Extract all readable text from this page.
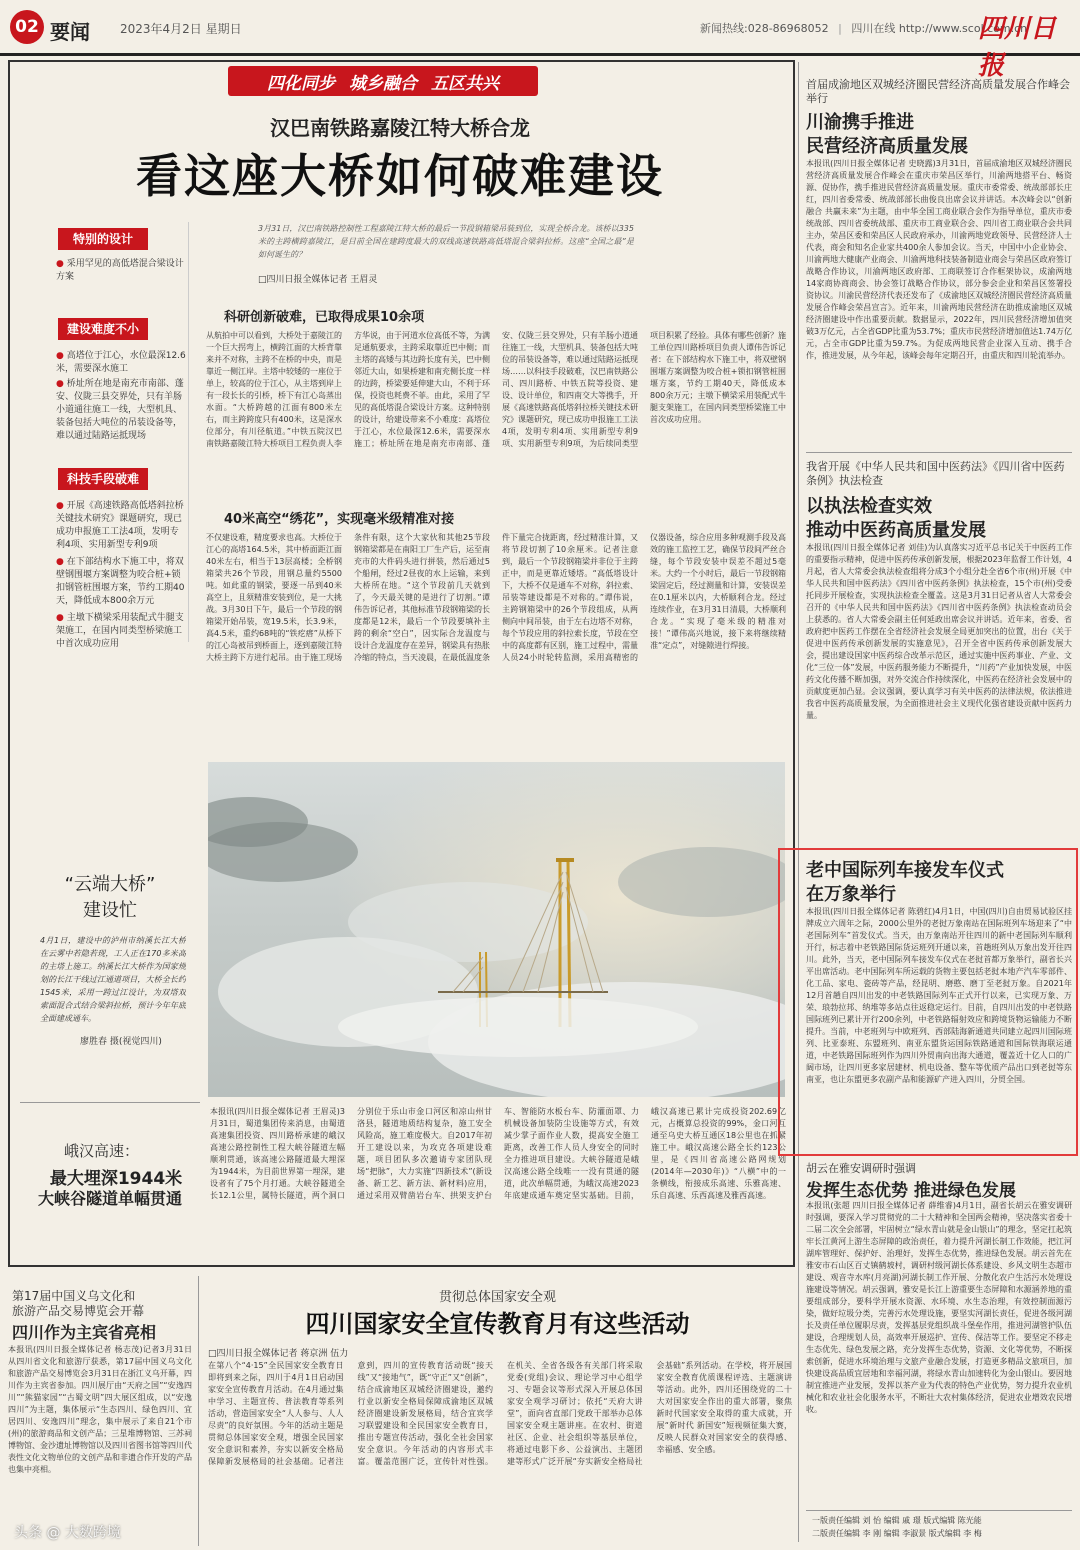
02 要闻	2023年4月2日 星期日	新闻热线:028-86968052 | 四川在线 http://www.scol.com.cn
四川日报
四化同步 城乡融合 五区共兴
汉巴南铁路嘉陵江特大桥合龙
看这座大桥如何破难建设
3月31日，汉巴南铁路控制性工程嘉陵江特大桥的最后一节段钢箱梁吊装到位，实现全桥合龙。该桥以335米的主跨横跨嘉陵江，是目前全国在建跨度最大的双线高速铁路高低塔混合梁斜拉桥。这座“全国之最”是如何诞生的？
□四川日报全媒体记者 王眉灵
特别的设计
● 采用罕见的高低塔混合梁设计方案
建设难度不小
● 高塔位于江心，水位最深12.6米，需要深水施工
● 桥址所在地是南充市南部、蓬安、仪陇三县交界处，只有羊肠小道通往施工一线，大型机具、装备包括大吨位的吊装设备等，难以通过陆路运抵现场
科技手段破难
● 开展《高速铁路高低塔斜拉桥关键技术研究》课题研究，现已成功申报施工工法4项，发明专利4项、实用新型专利9项
● 在下部结构水下施工中，将双壁钢围堰方案调整为咬合桩+锁扣钢管桩围堰方案，节约工期40天，降低成本800余万元
● 主墩下横梁采用装配式牛腿支架施工，在国内同类型桥梁施工中首次成功应用
科研创新破难，已取得成果10余项
从航拍中可以看到，大桥处于嘉陵江的一个巨大拐弯上，横跨江面的大桥背靠来并不对称，主跨不在桥的中央，而是靠近一侧江岸。主塔中较矮的一座位于单上，较高的位于江心，从主塔到岸上有一段长长的引桥，桥下有江心岛蒸出水面。“大桥跨越的江面有800米左右，而主跨跨度只有400米，这是深水位部分，有川径航道。”中铁五院汉巴南铁路嘉陵江特大桥项目工程负责人李方华说，由于河道水位高低不等，为满足通航要求，主跨采取靠近巴中侧；而主塔的高矮与其边跨长度有关，巴中侧邻近大山，如果桥建和南充侧长度一样的边跨，桥梁要延伸建大山，不利于环保，投资也耗费不菲。由此，采用了罕见的高低塔混合梁设计方案。这种特别的设计，给建设带来不小难度：高塔位于江心，水位最深12.6米，需要深水施工；桥址所在地是南充市南部、蓬安、仪陇三县交界处，只有羊肠小道通往施工一线，大型机具、装备包括大吨位的吊装设备等，难以通过陆路运抵现场……以科技手段破难，汉巴南铁路公司、四川路桥、中铁五院等投资、建设、设计单位，和四南交大等携手，开展《高速铁路高低塔斜拉桥关键技术研究》课题研究，现已成功申报施工工法4项，发明专利4项、实用新型专利9项、实用新型专利9项，为后续同类型项目积累了经验。具体有哪些创新？施工单位四川路桥项目负责人谭伟告诉记者：在下部结构水下施工中，将双壁钢围堰方案调整为咬合桩+锁扣钢管桩围堰方案，节约工期40天，降低成本800余万元；主墩下横梁采用装配式牛腿支架施工，在国内同类型桥梁施工中首次成功应用。
40米高空“绣花”，实现毫米级精准对接
不仅建设难，精度要求也高。大桥位于江心的高塔164.5米，其中桥面距江面40米左右，相当于13层高楼；全桥钢箱梁共26个节段，用钢总量约5500吨。如此重的钢梁，要逐一吊到40米高空上，且须精准安装到位，是一大挑战。3月30日下午，最后一个节段的钢箱梁开始吊装，宽19.5米，长3.9米，高4.5米，重约68吨的“铁疙瘩”从桥下的江心岛被吊到桥面上，逐到嘉陵江特大桥主跨下方进行起吊。由于施工现场条件有限，这个大家伙和其他25节段钢箱梁都是在南阳工厂生产后，运至南充市的大件码头进行拼装，然后通过5个船闸，经过2昼夜的水上运输，来到大桥所在地。“这个节段前几天就到了，今天最关键的是进行了切割。”谭伟告诉记者，其他标准节段钢箱梁的长度都是12米，最后一个节段要填补主跨的剩余“空白”，因实际合龙温度与设计合龙温度存在差异，钢梁具有热胀冷缩的特点，当天凌晨，在最低温度条件下量完合拢距离，经过精准计算，又将节段切割了10余厘米。记者注意到，最后一个节段钢箱梁并非位于主跨正中，而是更靠近矮塔。“高低塔设计下，大桥不仅是通车不对称，斜拉索、吊装等建设都是不对称的。”谭伟说，主跨钢箱梁中的26个节段组成，从两侧向中间吊装，由于左右边塔不对称，每个节段应用的斜拉索长度，节段在空中的高度都有区别，施工过程中，需量人员24小时轮转监测，采用高精密的仪器设备，综合应用多种观测手段及高效的施工监控工艺，确保节段间严丝合缝，每个节段安装中误差不超过5毫米。大约一个小时后，最后一节段钢箱梁固定后，经过测量和计算，安装误差在0.1厘米以内，大桥顺利合龙。经过连续作业，在3月31日清晨，大桥顺利合龙。“实现了毫米级的精准对接！”谭伟高兴地说，接下来将继续精准“定点”，对缝隙进行焊接。
“云端大桥”
建设忙
4月1日，建设中的泸州市纳溪长江大桥在云雾中若隐若现，工人正在170多米高的主塔上施工。纳溪长江大桥作为国家规划的长江干线过江通道项目，大桥全长约1545米，采用一跨过江设计，为双塔双索面混合式结合梁斜拉桥，预计今年年底全面建成通车。
廖胜春 摄(视觉四川)
峨汉高速：
最大埋深1944米
大峡谷隧道单幅贯通
本报讯(四川日报全媒体记者 王眉灵)3月31日，蜀道集团传来消息，由蜀道高速集团投资、四川路桥承建的峨汉高速公路控制性工程大峡谷隧道左幅顺利贯通，该高速公路隧道最大埋深为1944米，为目前世界第一埋深，建设者有了75个月打通。大峡谷隧道全长12.1公里，属特长隧道，两个洞口分别位于乐山市金口河区和凉山州甘洛县，隧道地质结构复杂，施工安全风险高，施工难度极大。自2017年初开工建设以来，为攻克各项建设难题，项目团队多次邀请专家团队现场“把脉”，大力实施“四新技术”(新设备、新工艺、新方法、新材料)应用，通过采用双臂凿岩台车、拱架支护台车、智能防水板台车、防灌面罩、力机械设备加装防尘设施等方式，有效减少掌子面作业人数，提高安全施工距离，改善工作人员人身安全的同时全力推进项目建设。大峡谷隧道是峨汉高速公路全线唯一一没有贯通的隧道，此次单幅贯通，为峨汉高速2023年底建成通车奠定坚实基础。目前，峨汉高速已累计完成投资202.69亿元，占概算总投资的99%，金口河互通至乌史大桥互通区18公里也在抓紧施工中。峨汉高速公路全长约123公里，是《四川省高速公路网规划(2014年—2030年)》“八横”中的一条横线，衔接成乐高速、乐雅高速、乐自高速、乐西高速及雅西高速。
第17届中国义乌文化和
旅游产品交易博览会开幕
四川作为主宾省亮相
本报讯(四川日报全媒体记者 杨志茂)记者3月31日从四川省文化和旅游厅获悉，第17届中国义乌文化和旅游产品交易博览会3月31日在浙江义乌开幕，四川作为主宾省参加。四川展厅由“天府之国”“安逸四川”“熊猫家园”“古蜀文明”四大展区组成，以“安逸四川”为主题，集体展示“生态四川、绿色四川、宜居四川、安逸四川”理念，集中展示了来自21个市(州)的旅游商品和文创产品；三星堆博物馆、三苏祠博物馆、金沙遗址博物馆以及四川省图书馆等四川代表性文化文物单位的文创产品和非遗合作开发的产品也集中亮相。
贯彻总体国家安全观
四川国家安全宣传教育月有这些活动
□四川日报全媒体记者 蒋京洲 伍力
在第八个“4·15”全民国家安全教育日即将到来之际，四川于4月1日启动国家安全宣传教育月活动。在4月通过集中学习、主题宣传、普法教育等系列活动，营造国家安全“人人参与、人人尽责”的良好氛围。今年的活动主题是贯彻总体国家安全观，增强全民国家安全意识和素养，夯实以新安全格局保障新发展格局的社会基础。记者注意到，四川的宣传教育活动既“接天线”又“接地气”，既“守正”又“创新”，结合成渝地区双城经济圈建设，邀约行业以新安全格局保障成渝地区双城经济圈建设新发展格局，结合宜宾学习联盟建设和全民国家安全教育日，推出专题宣传活动，强化全社会国家安全意识。今年活动的内容形式丰富。覆盖范围广泛，宣传针对性强。在机关、全省各级各有关部门将采取党委(党组)会议、理论学习中心组学习、专题会议等形式深入开展总体国家安全观学习研讨；依托“天府大讲堂”，面向省直部门党政干部举办总体国家安全观主题讲座。在农村、街道社区、企业、社会组织等基层单位，将通过电影下乡、公益演出、主题团建等形式广泛开展“夯实新安全格局社会基础”系列活动。在学校，将开展国家安全教育优质课程评选、主题演讲等活动。此外，四川还围绕党的二十大对国家安全作出的重大部署，聚焦新时代国家安全取得的重大成就，开展“新时代 新国安”短视频征集大赛，反映人民群众对国家安全的获得感、幸福感、安全感。
首届成渝地区双城经济圈民营经济高质量发展合作峰会举行
川渝携手推进
民营经济高质量发展
本报讯(四川日报全媒体记者 史晓露)3月31日，首届成渝地区双城经济圈民营经济高质量发展合作峰会在重庆市荣昌区举行，川渝两地搭平台、畅资源、促协作，携手推进民营经济高质量发展。重庆市委常委、统战部部长庄红，四川省委常委、统战部部长曲俊良出席会议并讲话。本次峰会以“创新融合 共赢未来”为主题，由中华全国工商业联合会作为指导单位，重庆市委统战部、四川省委统战部、重庆市工商业联合会、四川省工商业联合会共同主办，荣昌区委和荣昌区人民政府承办，川渝两地党政领导、民营经济人士代表，商会和知名企业家共400余人参加会议。当天，中国中小企业协会、川渝两地大健康产业商会、川渝两地科技装备制造业商会与荣昌区政府签订战略合作协议，川渝两地区政府部、工商联签订合作框架协议，成渝两地14家商协商商会、协会签订战略合作协议，部分参会企业和荣昌区签署投资协议。川渝民营经济代表还发布了《成渝地区双城经济圈民营经济高质量发展合作峰会荣昌宣言》。近年来，川渝两地民营经济在助推成渝地区双城经济圈建设中作出重要贡献。数据显示，2022年，四川民营经济增加值突破3万亿元，占全省GDP比重为53.7%；重庆市民营经济增加值达1.74万亿元，占全市GDP比重为59.7%。为促成两地民营企业深入互动、携手合作，推进发展，从今年起，该峰会每年定期召开，由重庆和四川轮流举办。
我省开展《中华人民共和国中医药法》《四川省中医药条例》执法检查
以执法检查实效
推动中医药高质量发展
本报讯(四川日报全媒体记者 刘佳)为认真落实习近平总书记关于中医药工作的重要指示精神，促进中医药传承创新发展，根据2023年监督工作计划，4月起，省人大常委会执法检查组将分成3个小组分赴全省6个市(州)开展《中华人民共和国中医药法》《四川省中医药条例》执法检查，15个市(州)受委托同步开展检查，实现执法检查全覆盖。这是3月31日记者从省人大常委会召开的《中华人民共和国中医药法》《四川省中医药条例》执法检查动员会上获悉的。省人大常委会副主任何延政出席会议并讲话。近年来，省委、省政府把中医药工作摆在全省经济社会发展全局更加突出的位置，出台《关于促进中医药传承创新发展的实施意见》，召开全省中医药传承创新发展大会，提出建设国家中医药综合改革示范区，通过实施中医药事业、产业、文化“三位一体”发展，中医药服务能力不断提升，“川药”产业加快发展，中医药文化传播不断加强，对外交流合作持续深化，中医药在经济社会发展中的贡献度更加凸显。会议强调，要认真学习有关中医药的法律法规，依法推进我省中医药高质量发展，为全面推进社会主义现代化强省建设贡献中医药力量。
老中国际列车接发车仪式
在万象举行
本报讯(四川日报全媒体记者 陈碧红)4月1日，中国(四川)自由贸易试验区挂牌成立六周年之际，2000公里外的老挝万象南站在国际班列车场迎来了“中老国际列车”首发仪式。当天，由万象南站开往四川的新中老国际列车顺利开行，标志着中老铁路国际货运班列开通以来，首趟班列从万象出发开往四川。此外，当天，老中国际列车接发车仪式在老挝首都万象举行，副省长兴平出席活动。老中国际列车所运载的货物主要包括老挝本地产汽车零部件、化工品、家电、瓷砖等产品，经昆明、磨憨、磨丁至老挝万象。自2021年12月首趟自四川出发的中老铁路国际列车正式开行以来，已实现万象、万荣、琅勃拉邦、纳堆等多站点往返稳定运行。目前，自四川出发的中老铁路国际班列已累计开行200余列，中老铁路辐射效应和跨境货物运输能力不断提升。当前，中老班列与中欧班列、西部陆海新通道共同建立起四川国际班列、比亚泰班、东盟班列、南亚东盟货运国际铁路通道和国际铁海联运通道，中老铁路国际班列作为四川外贸南向出海大通道，覆盖近十亿人口的广阔市场，让四川更多家居建材、机电设备、整车等优质产品出口到老挝等东南亚，也让东盟更多农副产品和能源矿产进入四川，分贸全国。
胡云在雅安调研时强调
发挥生态优势 推进绿色发展
本报讯(张超 四川日报全媒体记者 薛维睿)4月1日，副省长胡云在雅安调研时强调，要深入学习贯彻党的二十大精神和全国两会精神，坚决落实省委十二届二次全会部署，牢固树立“绿水青山就是金山银山”的理念，坚定扛起筑牢长江黄河上游生态屏障的政治责任，着力提升河湖长制工作效能，把江河湖库管理好、保护好、治理好，发挥生态优势，推进绿色发展。胡云首先在雅安市石山区百丈镇鹤坡村，调研村级河湖长体系建设、乡风文明生态超市建设、观音寺水库(月亮湖)河湖长制工作开展、分散化农户生活污水处理设施建设等情况。胡云强调，雅安是长江上游重要生态屏障和水源涵养地的重要组成部分，要科学开展水资源、水环境、水生态治理，有效控制面源污染，做好垃圾分类，完善污水处理设施，要坚实河湖长责任，促进各级河湖长及责任单位履职尽责，发挥基层党组织战斗堡垒作用，推进河湖管护队伍建设，合理规划人员，高效率开展巡护、宣传、保洁等工作。要坚定不移走生态优先、绿色发展之路，充分发挥生态优势，资源、文化等优势，不断探索创新，促进水环境治理与文旅产业融合发展，打造更多精品文旅项目，加快建设高品质宜居地和幸福河湖，将绿水青山加速转化为金山银山。要因地制宜推进产业发展，发挥以茶产业为代表的特色产业优势，努力提升农业机械化和农业社会化服务水平，不断壮大农村集体经济，促进农业增效农民增收。
一版责任编辑 刘 怡 编辑 戚 璟 版式编辑 陈光能
二版责任编辑 李 刚 编辑 李淑景 版式编辑 李 梅
头条 @ 大数跨境
